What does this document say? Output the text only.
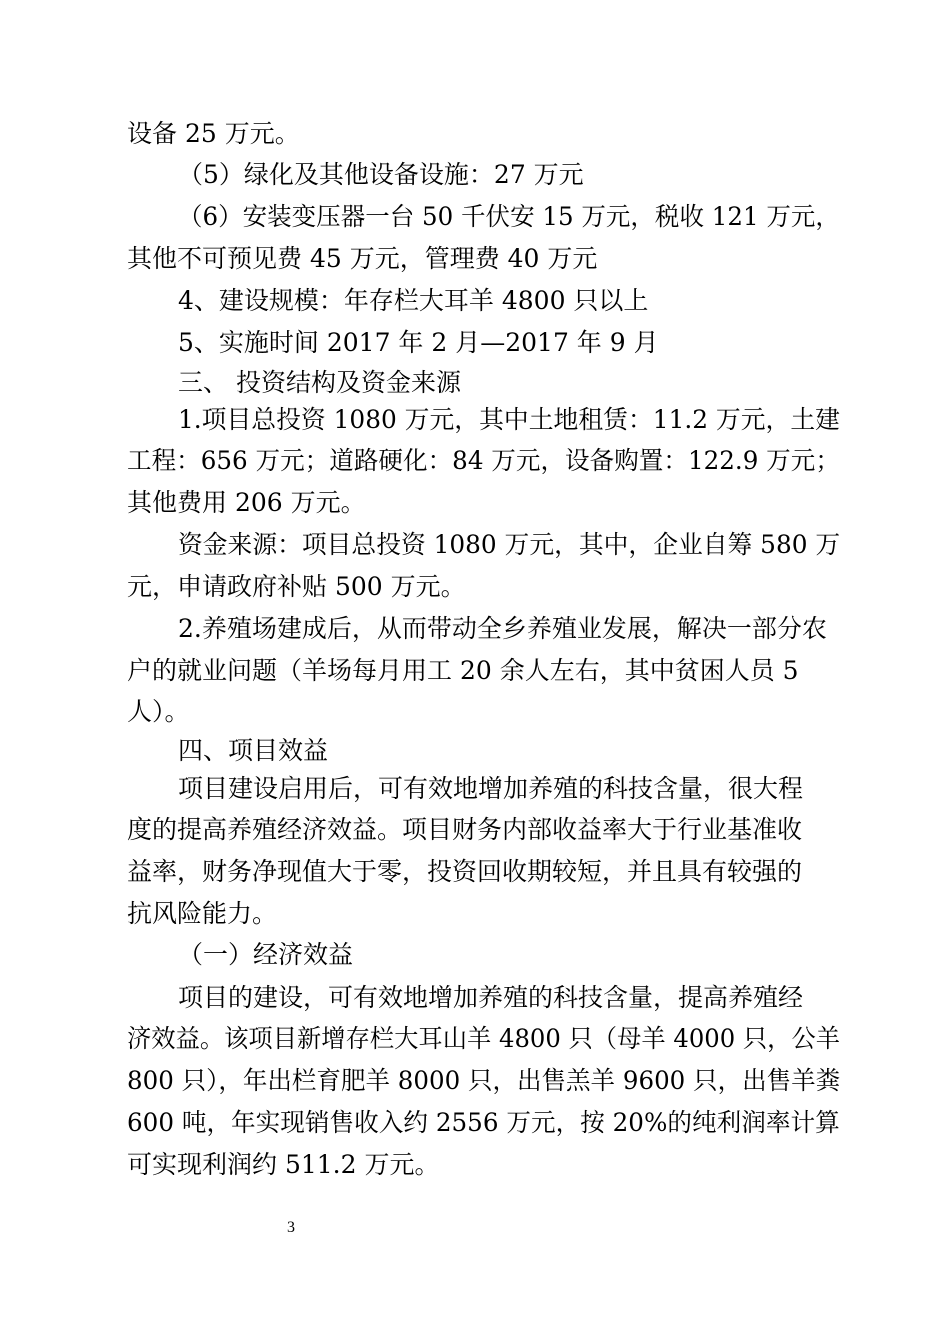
设备 25 万元。
（5）绿化及其他设备设施：27 万元
（6）安装变压器一台 50 千伏安 15 万元，税收 121 万元，
其他不可预见费 45 万元，管理费 40 万元
4、建设规模：年存栏大耳羊 4800 只以上
5、实施时间 2017 年 2 月—2017 年 9 月
三、 投资结构及资金来源
1.项目总投资 1080 万元，其中土地租赁：11.2 万元，土建
工程：656 万元；道路硬化：84 万元，设备购置：122.9 万元；
其他费用 206 万元。
资金来源：项目总投资 1080 万元，其中，企业自筹 580 万
元，申请政府补贴 500 万元。
2.养殖场建成后，从而带动全乡养殖业发展，解决一部分农
户的就业问题（羊场每月用工 20 余人左右，其中贫困人员 5
人）。
四、项目效益
项目建设启用后，可有效地增加养殖的科技含量，很大程
度的提高养殖经济效益。项目财务内部收益率大于行业基准收
益率，财务净现值大于零，投资回收期较短，并且具有较强的
抗风险能力。
（一）经济效益
项目的建设，可有效地增加养殖的科技含量，提高养殖经
济效益。该项目新增存栏大耳山羊 4800 只（母羊 4000 只，公羊
800 只），年出栏育肥羊 8000 只，出售羔羊 9600 只，出售羊粪
600 吨，年实现销售收入约 2556 万元，按 20%的纯利润率计算
可实现利润约 511.2 万元。
3
